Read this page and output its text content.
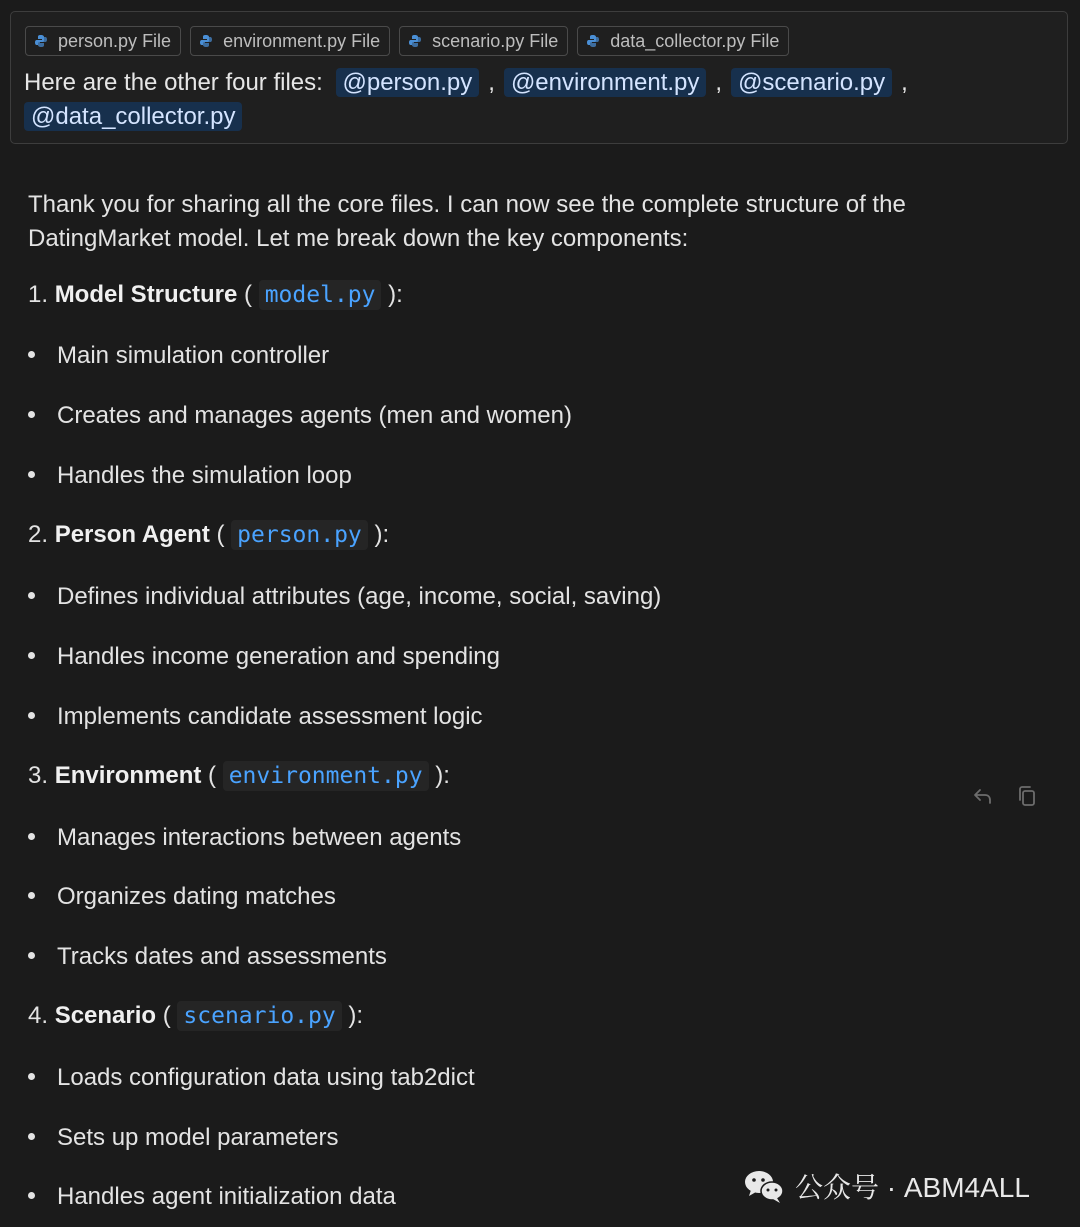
person.py File	environment.py File	scenario.py File	data_collector.py File
Here are the other four files: @person.py , @environment.py , @scenario.py ,
@data_collector.py
Thank you for sharing all the core files. I can now see the complete structure of the
DatingMarket model. Let me break down the key components:
1. Model Structure ( model.py ):
Main simulation controller
Creates and manages agents (men and women)
Handles the simulation loop
2. Person Agent ( person.py ):
Defines individual attributes (age, income, social, saving)
Handles income generation and spending
Implements candidate assessment logic
3. Environment ( environment.py ):
Manages interactions between agents
Organizes dating matches
Tracks dates and assessments
4. Scenario ( scenario.py ):
Loads configuration data using tab2dict
Sets up model parameters
Handles agent initialization data	公众号 · ABM4ALL
